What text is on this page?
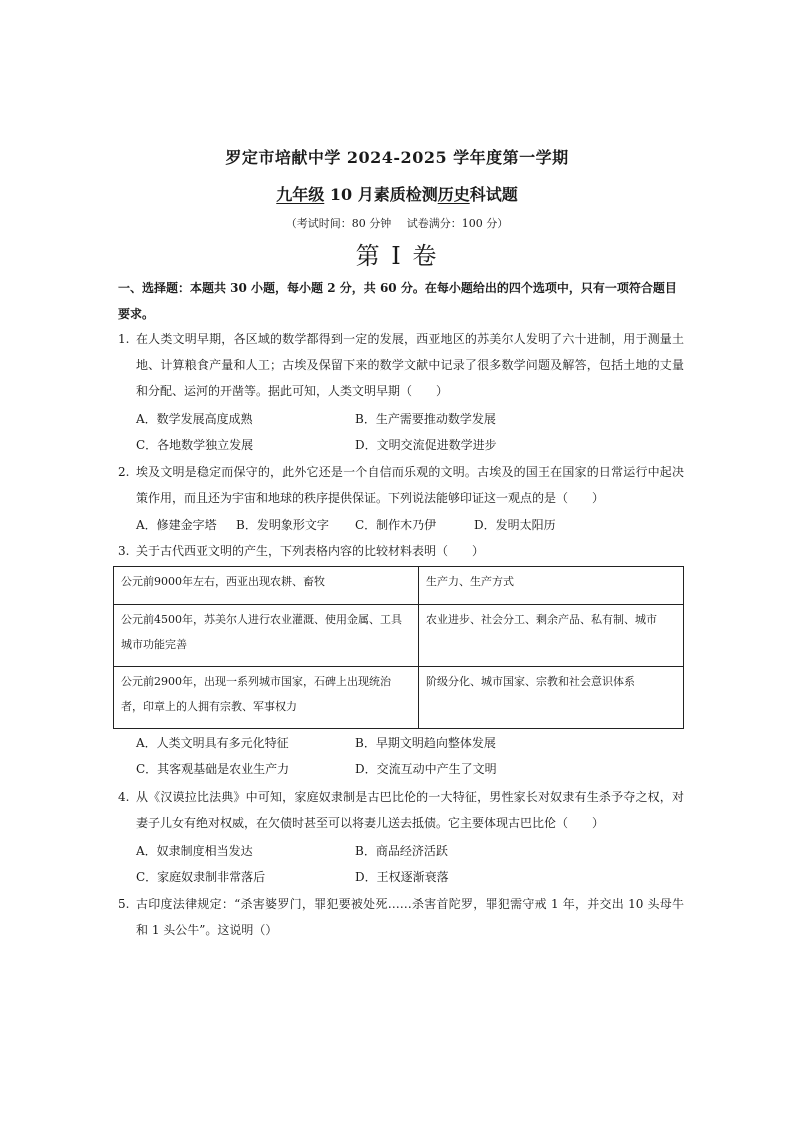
罗定市培献中学 2024-2025 学年度第一学期
九年级 10 月素质检测历史科试题
（考试时间：80 分钟 试卷满分：100 分）
第 I 卷
一、选择题：本题共 30 小题，每小题 2 分，共 60 分。在每小题给出的四个选项中，只有一项符合题目要求。
1. 在人类文明早期，各区域的数学都得到一定的发展，西亚地区的苏美尔人发明了六十进制，用于测量土地、计算粮食产量和人工；古埃及保留下来的数学文献中记录了很多数学问题及解答，包括土地的丈量和分配、运河的开凿等。据此可知，人类文明早期（　　）
A．数学发展高度成熟	B．生产需要推动数学发展
C．各地数学独立发展	D．文明交流促进数学进步
2. 埃及文明是稳定而保守的，此外它还是一个自信而乐观的文明。古埃及的国王在国家的日常运行中起决策作用，而且还为宇宙和地球的秩序提供保证。下列说法能够印证这一观点的是（　　）
A．修建金字塔 B．发明象形文字 C．制作木乃伊	D．发明太阳历
3. 关于古代西亚文明的产生，下列表格内容的比较材料表明（　　）
公元前9000年左右，西亚出现农耕、畜牧	生产力、生产方式
公元前4500年，苏美尔人进行农业灌溉、使用金属、工具城市功能完善	农业进步、社会分工、剩余产品、私有制、城市
公元前2900年，出现一系列城市国家，石碑上出现统治者，印章上的人拥有宗教、军事权力	阶级分化、城市国家、宗教和社会意识体系
A．人类文明具有多元化特征	B．早期文明趋向整体发展
C．其客观基础是农业生产力	D．交流互动中产生了文明
4. 从《汉谟拉比法典》中可知，家庭奴隶制是古巴比伦的一大特征，男性家长对奴隶有生杀予夺之权，对妻子儿女有绝对权威，在欠债时甚至可以将妻儿送去抵债。它主要体现古巴比伦（　　）
A．奴隶制度相当发达	B．商品经济活跃
C．家庭奴隶制非常落后	D．王权逐渐衰落
5. 古印度法律规定：“杀害婆罗门，罪犯要被处死……杀害首陀罗，罪犯需守戒 1 年，并交出 10 头母牛和 1 头公牛”。这说明（）
